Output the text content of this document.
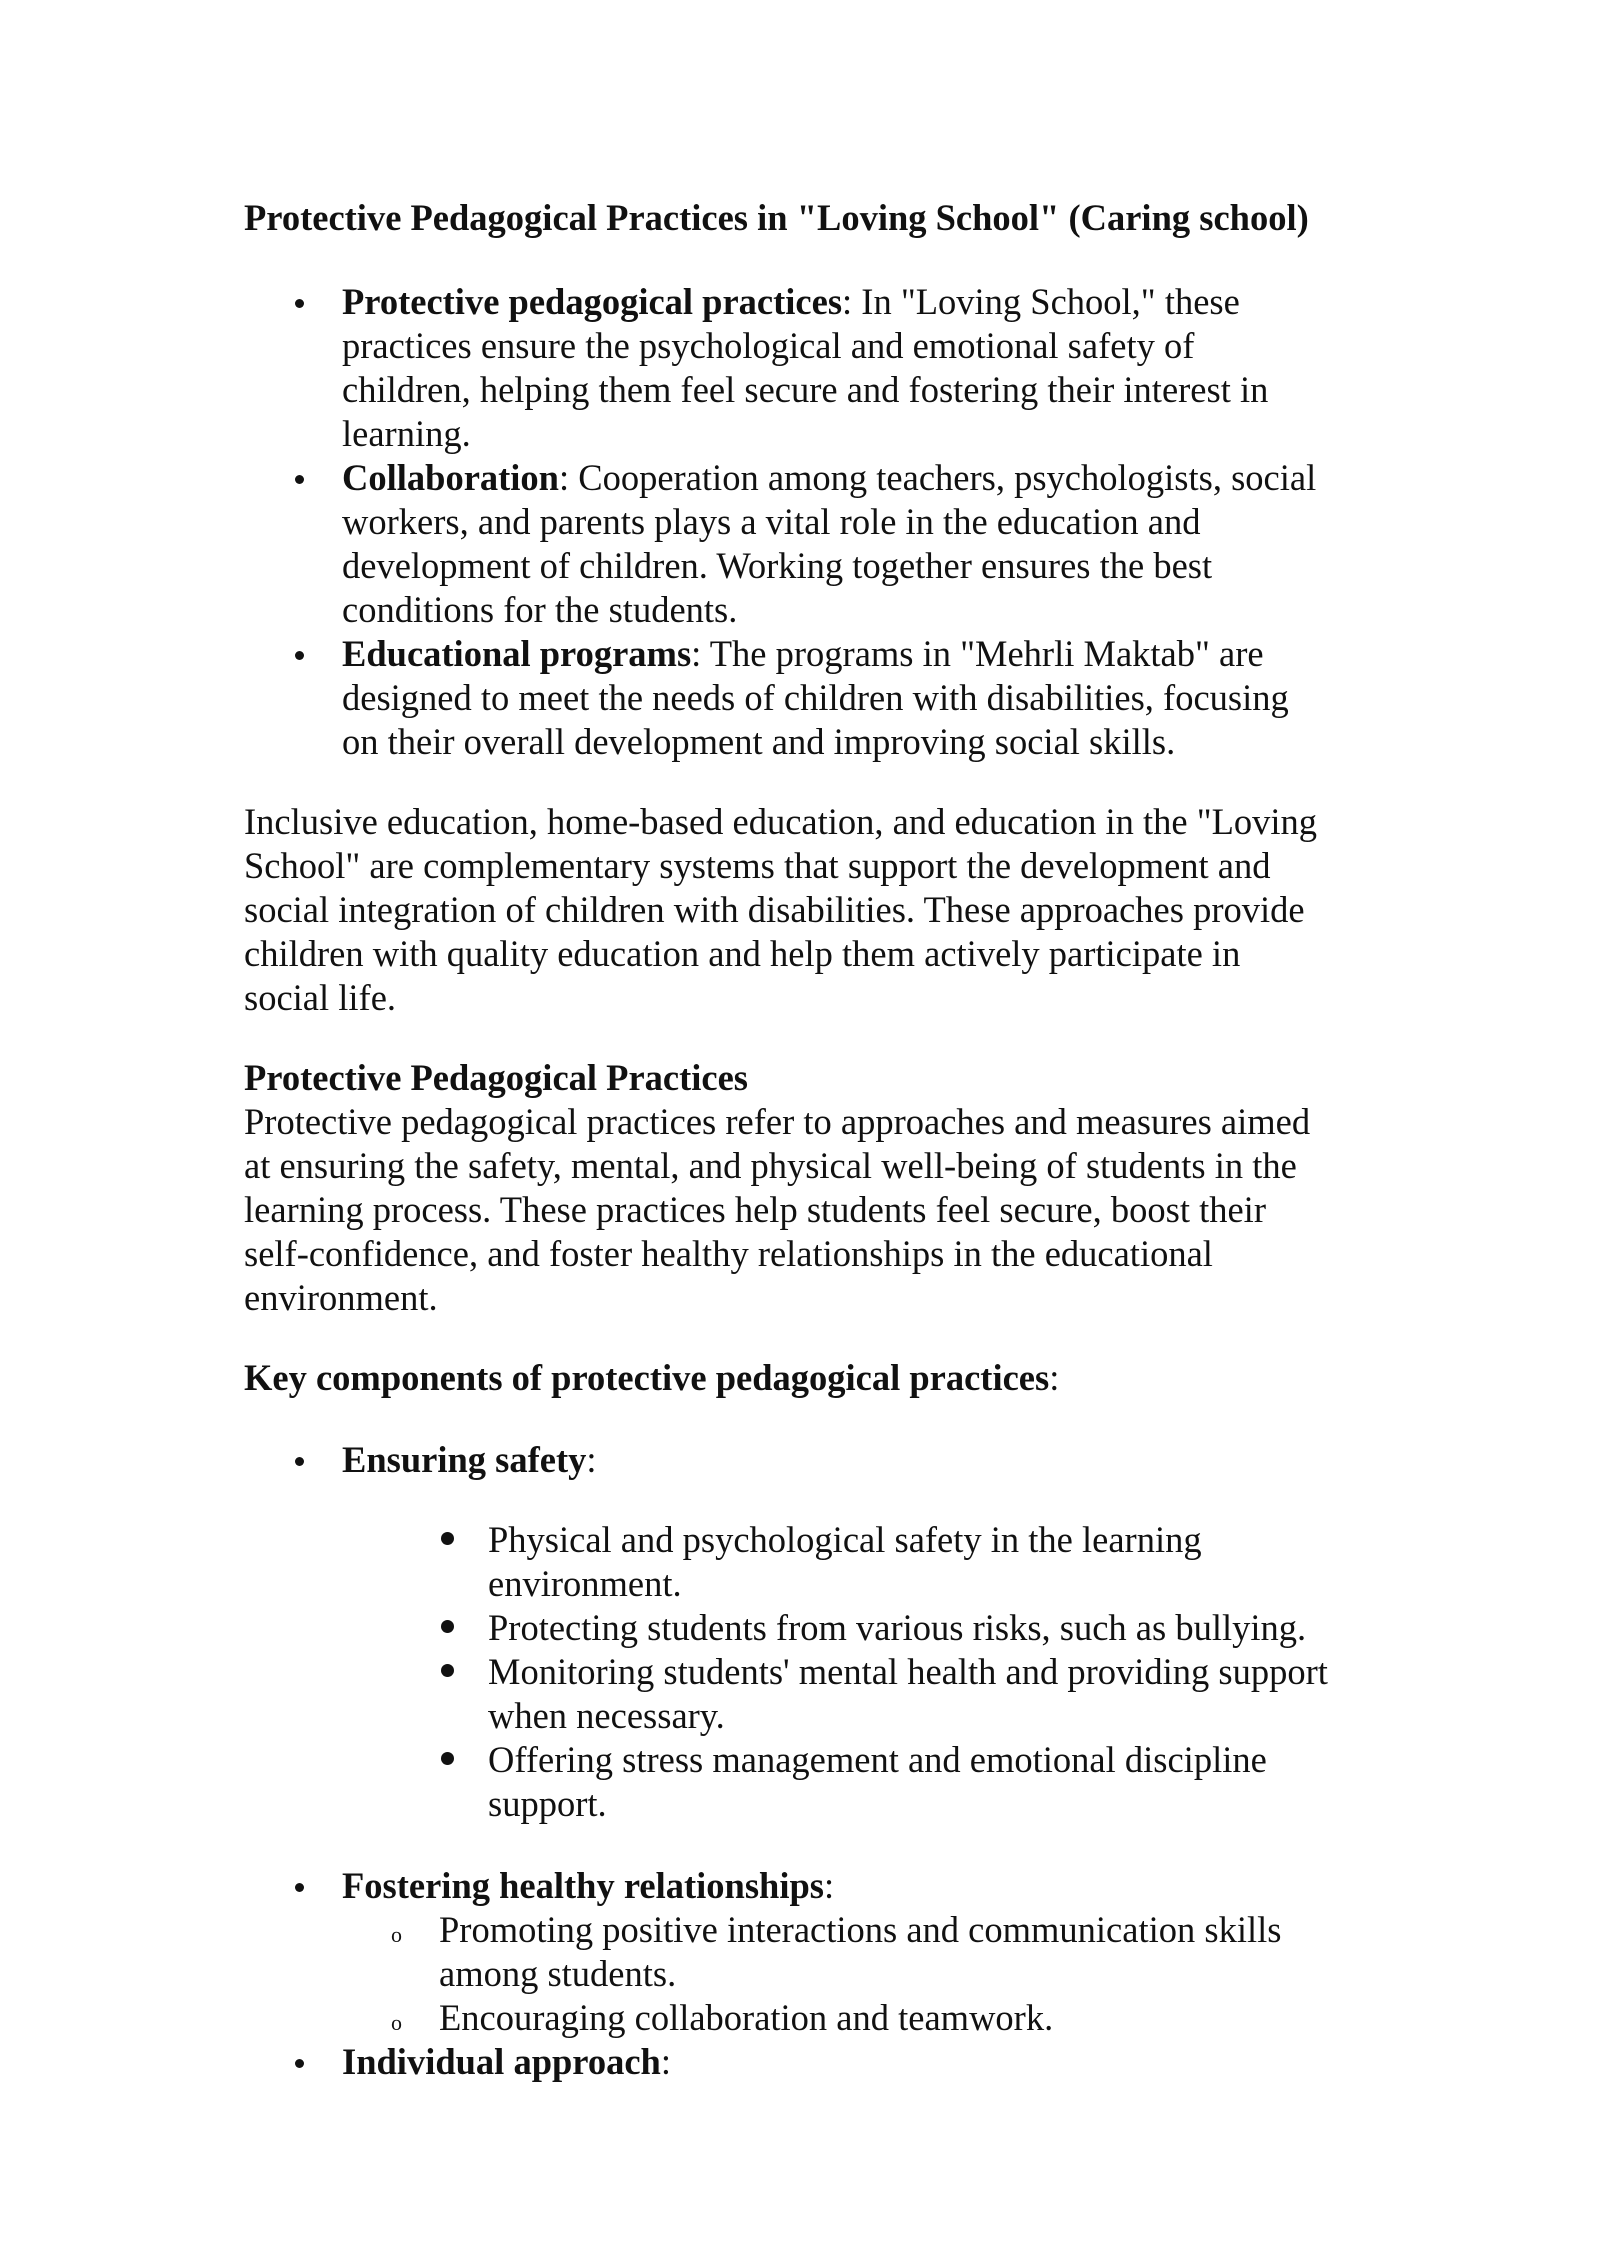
Protective Pedagogical Practices in "Loving School" (Caring school)
Protective pedagogical practices: In "Loving School," these
practices ensure the psychological and emotional safety of
children, helping them feel secure and fostering their interest in
learning.
Collaboration: Cooperation among teachers, psychologists, social
workers, and parents plays a vital role in the education and
development of children. Working together ensures the best
conditions for the students.
Educational programs: The programs in "Mehrli Maktab" are
designed to meet the needs of children with disabilities, focusing
on their overall development and improving social skills.
Inclusive education, home-based education, and education in the "Loving
School" are complementary systems that support the development and
social integration of children with disabilities. These approaches provide
children with quality education and help them actively participate in
social life.
Protective Pedagogical Practices
Protective pedagogical practices refer to approaches and measures aimed
at ensuring the safety, mental, and physical well-being of students in the
learning process. These practices help students feel secure, boost their
self-confidence, and foster healthy relationships in the educational
environment.
Key components of protective pedagogical practices:
Ensuring safety:
Physical and psychological safety in the learning
environment.
Protecting students from various risks, such as bullying.
Monitoring students' mental health and providing support
when necessary.
Offering stress management and emotional discipline
support.
Fostering healthy relationships:
o Promoting positive interactions and communication skills
among students.
o Encouraging collaboration and teamwork.
Individual approach:
